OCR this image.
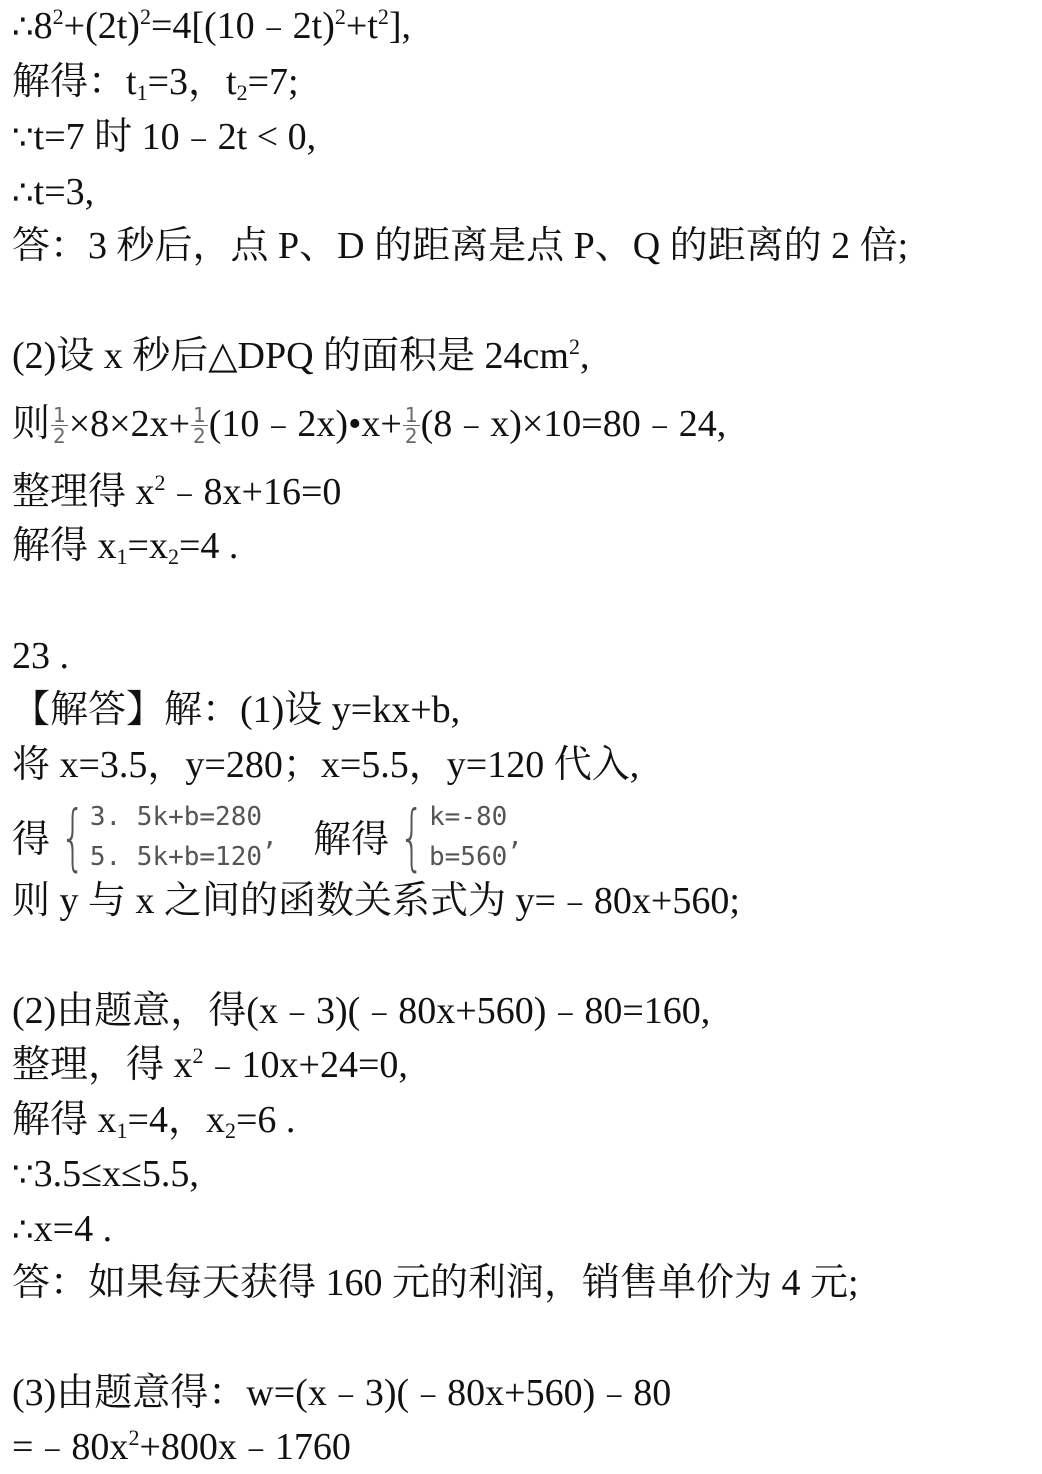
$\therefore 8^2+(2t)^2=4[(10﹣2t)^2+t^2]$,
解得：$t_1=3$，$t_2=7$;
∵t=7 时 10﹣2t < 0,
∴t=3,
答：3 秒后，点 P、D 的距离是点 P、Q 的距离的 2 倍;
(2)设 x 秒后△DPQ 的面积是 $24cm^2$,
则 $\frac{1}{2} \times 8\times 2x+ \frac{1}{2}$ (10﹣2x)•x+ $\frac{1}{2}$ (8﹣x)×10=80﹣24,
整理得 $x^2﹣8x+16=0$
解得 $x_1=x_2=4$ .
23 .
【解答】解：(1)设 y=kx+b,
将 x=3.5，y=280；x=5.5，y=120 代入,
得 { 3. 5k+b=280
5. 5k+b=120
, 解得 { k=-80
b=560
,
则 y 与 x 之间的函数关系式为 y=﹣80x+560;
(2)由题意，得(x﹣3)(﹣80x+560)﹣80=160,
整理，得 $x^2﹣10x+24=0$,
解得 $x_1=4$，$x_2=6$ .
∵3.5≤x≤5.5,
∴x=4 .
答：如果每天获得 160 元的利润，销售单价为 4 元;
(3)由题意得：w=(x﹣3)(﹣80x+560)﹣80
$=﹣80x^2+800x﹣1760$
